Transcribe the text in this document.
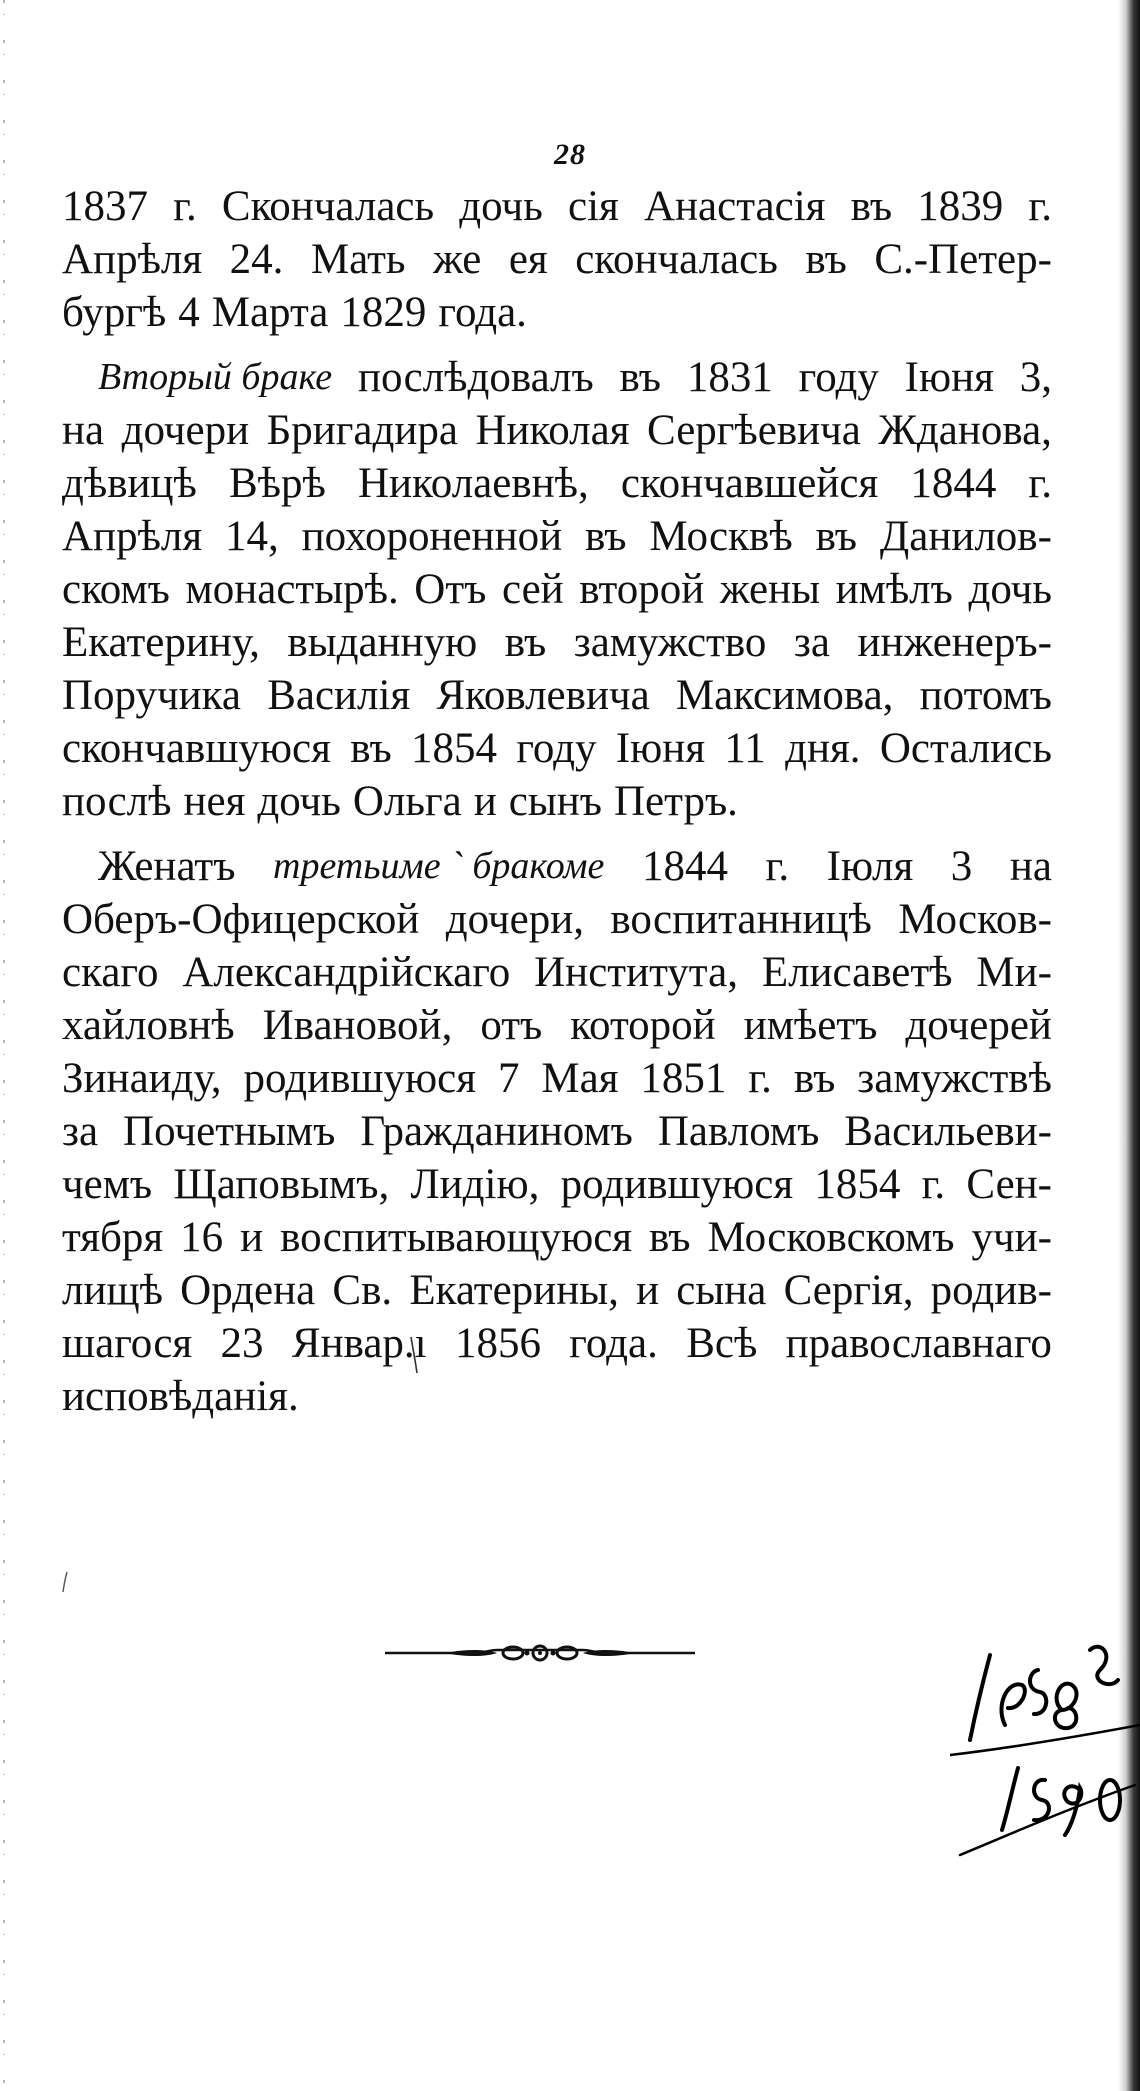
28
1837 г. Скончалась дочь сія Анастасія въ 1839 г.
Апрѣля 24. Мать же ея скончалась въ С.-Петер-
бургѣ 4 Марта 1829 года.
Вторый браке послѣдовалъ въ 1831 году Іюня 3,
на дочери Бригадира Николая Сергѣевича Жданова,
дѣвицѣ Вѣрѣ Николаевнѣ, скончавшейся 1844 г.
Апрѣля 14, похороненной въ Москвѣ въ Данилов-
скомъ монастырѣ. Отъ сей второй жены имѣлъ дочь
Екатерину, выданную въ замужство за инженеръ-
Поручика Василія Яковлевича Максимова, потомъ
скончавшуюся въ 1854 году Іюня 11 дня. Остались
послѣ нея дочь Ольга и сынъ Петръ.
Женатъ третьиме ` бракоме 1844 г. Іюля 3 на
Оберъ-Офицерской дочери, воспитанницѣ Москов-
скаго Александрійскаго Института, Елисаветѣ Ми-
хайловнѣ Ивановой, отъ которой имѣетъ дочерей
Зинаиду, родившуюся 7 Мая 1851 г. въ замужствѣ
за Почетнымъ Гражданиномъ Павломъ Васильеви-
чемъ Щаповымъ, Лидію, родившуюся 1854 г. Сен-
тября 16 и воспитывающуюся въ Московскомъ учи-
лищѣ Ордена Св. Екатерины, и сына Сергія, родив-
шагося 23 Январ.ı 1856 года. Всѣ православнаго
исповѣданія.
